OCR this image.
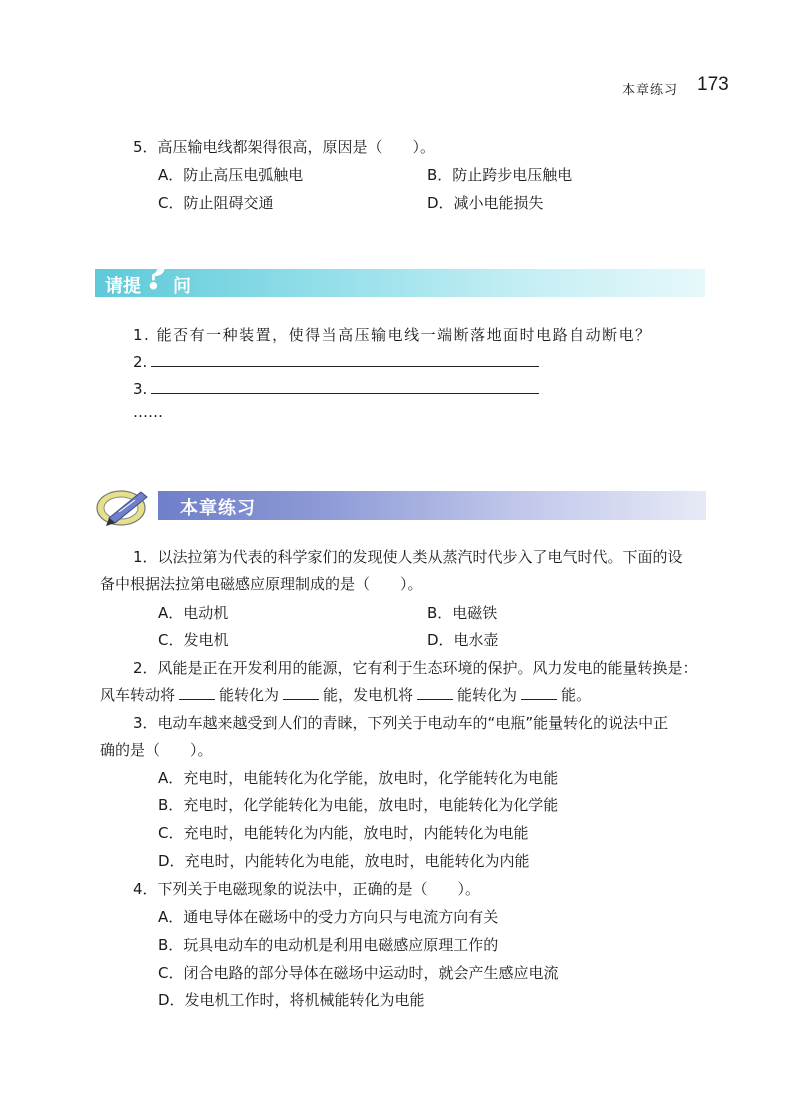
本章练习 173
5．高压输电线都架得很高，原因是（　　）。
A．防止高压电弧触电	B．防止跨步电压触电
C．防止阻碍交通	D．减小电能损失
请提 ? 问
1. 能否有一种装置，使得当高压输电线一端断落地面时电路自动断电？
2.
3.
……
本章练习
1．以法拉第为代表的科学家们的发现使人类从蒸汽时代步入了电气时代。下面的设
备中根据法拉第电磁感应原理制成的是（　　）。
A．电动机	B．电磁铁
C．发电机	D．电水壶
2．风能是正在开发利用的能源，它有利于生态环境的保护。风力发电的能量转换是：
风车转动将	能转化为	能，发电机将	能转化为	能。
3．电动车越来越受到人们的青睐，下列关于电动车的“电瓶”能量转化的说法中正
确的是（　　）。
A．充电时，电能转化为化学能，放电时，化学能转化为电能
B．充电时，化学能转化为电能，放电时，电能转化为化学能
C．充电时，电能转化为内能，放电时，内能转化为电能
D．充电时，内能转化为电能，放电时，电能转化为内能
4．下列关于电磁现象的说法中，正确的是（　　）。
A．通电导体在磁场中的受力方向只与电流方向有关
B．玩具电动车的电动机是利用电磁感应原理工作的
C．闭合电路的部分导体在磁场中运动时，就会产生感应电流
D．发电机工作时，将机械能转化为电能
